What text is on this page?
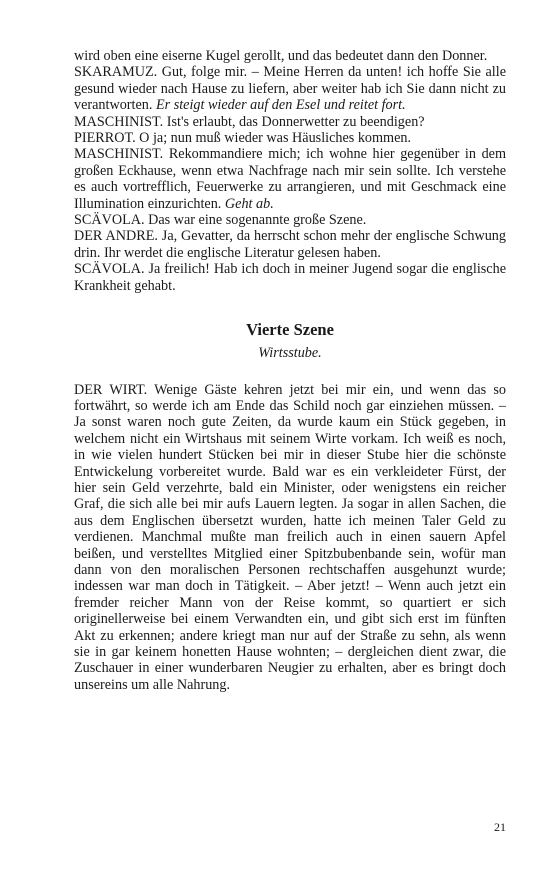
wird oben eine eiserne Kugel gerollt, und das bedeutet dann den Donner.

SKARAMUZ. Gut, folge mir. – Meine Herren da unten! ich hoffe Sie alle gesund wieder nach Hause zu liefern, aber weiter hab ich Sie dann nicht zu verantworten. Er steigt wieder auf den Esel und reitet fort.

MASCHINIST. Ist's erlaubt, das Donnerwetter zu beendigen?

PIERROT. O ja; nun muß wieder was Häusliches kommen.

MASCHINIST. Rekommandiere mich; ich wohne hier gegenüber in dem großen Eckhause, wenn etwa Nachfrage nach mir sein sollte. Ich verstehe es auch vortrefflich, Feuerwerke zu arrangieren, und mit Geschmack eine Illumination einzurichten. Geht ab.

SCÄVOLA. Das war eine sogenannte große Szene.

DER ANDRE. Ja, Gevatter, da herrscht schon mehr der englische Schwung drin. Ihr werdet die englische Literatur gelesen haben.

SCÄVOLA. Ja freilich! Hab ich doch in meiner Jugend sogar die englische Krankheit gehabt.

Vierte Szene

Wirtsstube.

DER WIRT. Wenige Gäste kehren jetzt bei mir ein, und wenn das so fortwährt, so werde ich am Ende das Schild noch gar einziehen müssen. – Ja sonst waren noch gute Zeiten, da wurde kaum ein Stück gegeben, in welchem nicht ein Wirtshaus mit seinem Wirte vorkam. Ich weiß es noch, in wie vielen hundert Stücken bei mir in dieser Stube hier die schönste Entwickelung vorbereitet wurde. Bald war es ein verkleideter Fürst, der hier sein Geld verzehrte, bald ein Minister, oder wenigstens ein reicher Graf, die sich alle bei mir aufs Lauern legten. Ja sogar in allen Sachen, die aus dem Englischen übersetzt wurden, hatte ich meinen Taler Geld zu verdienen. Manchmal mußte man freilich auch in einen sauern Apfel beißen, und verstelltes Mitglied einer Spitzbubenbande sein, wofür man dann von den moralischen Personen rechtschaffen ausgehunzt wurde; indessen war man doch in Tätigkeit. – Aber jetzt! – Wenn auch jetzt ein fremder reicher Mann von der Reise kommt, so quartiert er sich originellerweise bei einem Verwandten ein, und gibt sich erst im fünften Akt zu erkennen; andere kriegt man nur auf der Straße zu sehn, als wenn sie in gar keinem honetten Hause wohnten; – dergleichen dient zwar, die Zuschauer in einer wunderbaren Neugier zu erhalten, aber es bringt doch unsereins um alle Nahrung.

21
